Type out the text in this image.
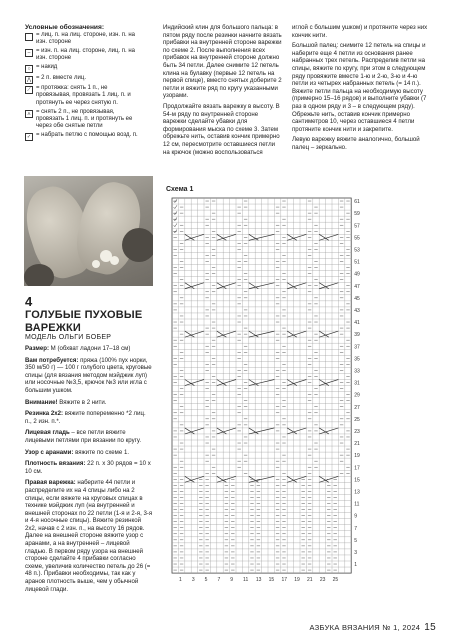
Условные обозначения:
= лиц. п. на лиц. стороне, изн. п. на изн. стороне
– = изн. п. на лиц. стороне, лиц. п. на изн. стороне
○ = накид
⋀ = 2 п. вместе лиц.
⟋ = протяжка: снять 1 п., не провязывая, провязать 1 лиц. п. и протянуть ее через снятую п.
⋏ = снять 2 п., не провязывая, провязать 1 лиц. п. и протянуть ее через обе снятые петли
✓ = набрать петлю с помощью возд. п.
4
ГОЛУБЫЕ ПУХОВЫЕ ВАРЕЖКИ
МОДЕЛЬ ОЛЬГИ БОБЕР

Размер: М (обхват ладони 17–18 см)

Вам потребуется: пряжа (100% пух норки, 350 м/50 г) — 100 г голубого цвета, круговые спицы (для вязания методом мэйджик луп) или носочные №3,5, крючок №3 или игла с большим ушком.

Внимание! Вяжите в 2 нити.

Резинка 2х2: вяжите попеременно *2 лиц. п., 2 изн. п.*.

Лицевая гладь – все петли вяжите лицевыми петлями при вязании по кругу.

Узор с аранами: вяжите по схеме 1.

Плотность вязания: 22 п. х 30 рядов = 10 х 10 см.

Правая варежка: наберите 44 петли и распределите их на 4 спицы либо на 2 спицы, если вяжете на круговых спицах в технике мэйджик луп (на внутренней и внешней сторонах по 22 петли (1-я и 2-я, 3-я и 4-я носочные спицы). Вяжите резинкой 2х2, начав с 2 изн. п., на высоту 16 рядов. Далее на внешней стороне вяжите узор с аранами, а на внутренней – лицевой гладью. В первом ряду узора на внешней стороне сделайте 4 прибавки согласно схеме, увеличив количество петель до 26 (= 48 п.). Прибавки необходимы, так как у аранов плотность выше, чем у обычной лицевой глади.

Индийский клин для большого пальца: в пятом ряду после резинки начните вязать прибавки на внутренней стороне варежки по схеме 2. После выполнения всех прибавок на внутренней стороне должно быть 34 петли. Далее снимите 12 петель клина на булавку (первые 12 петель на первой спице), вместо снятых доберите 2 петли и вяжите ряд по кругу указанными узорами.

Продолжайте вязать варежку в высоту. В 54-м ряду по внутренней стороне варежки сделайте убавки для формирования мыска по схеме 3. Затем обрежьте нить, оставив кончик примерно 12 см, пересмотрите оставшиеся петли на крючок (можно воспользоваться

иглой с большим ушком) и протяните через них кончик нити.

Большой палец: снимите 12 петель на спицы и наберите еще 4 петли из основания ранее набранных трех петель. Распределив петли на спицы, вяжите по кругу, при этом в следующем ряду провяжите вместе 1-ю и 2-ю, 3-ю и 4-ю петли из четырех набранных петель (= 14 п.). Вяжите петли пальца на необходимую высоту (примерно 15–16 рядов) и выполните убавки (7 раз в одном ряду и 3 – в следующем ряду). Обрежьте нить, оставив кончик примерно сантиметров 10, через оставшиеся 4 петли протяните кончик нити и закрепите.

Левую варежку вяжите аналогично, большой палец – зеркально.

Схема 1
61
59
57
55
53
51
49
47
45
43
41
39
37
35
33
31
29
27
25
23
21
19
17
15
13
11
9
7
5
3
1
25
23
21
19
17
15
13
11
9
7
5
3
1
АЗБУКА ВЯЗАНИЯ № 1, 2024 15
